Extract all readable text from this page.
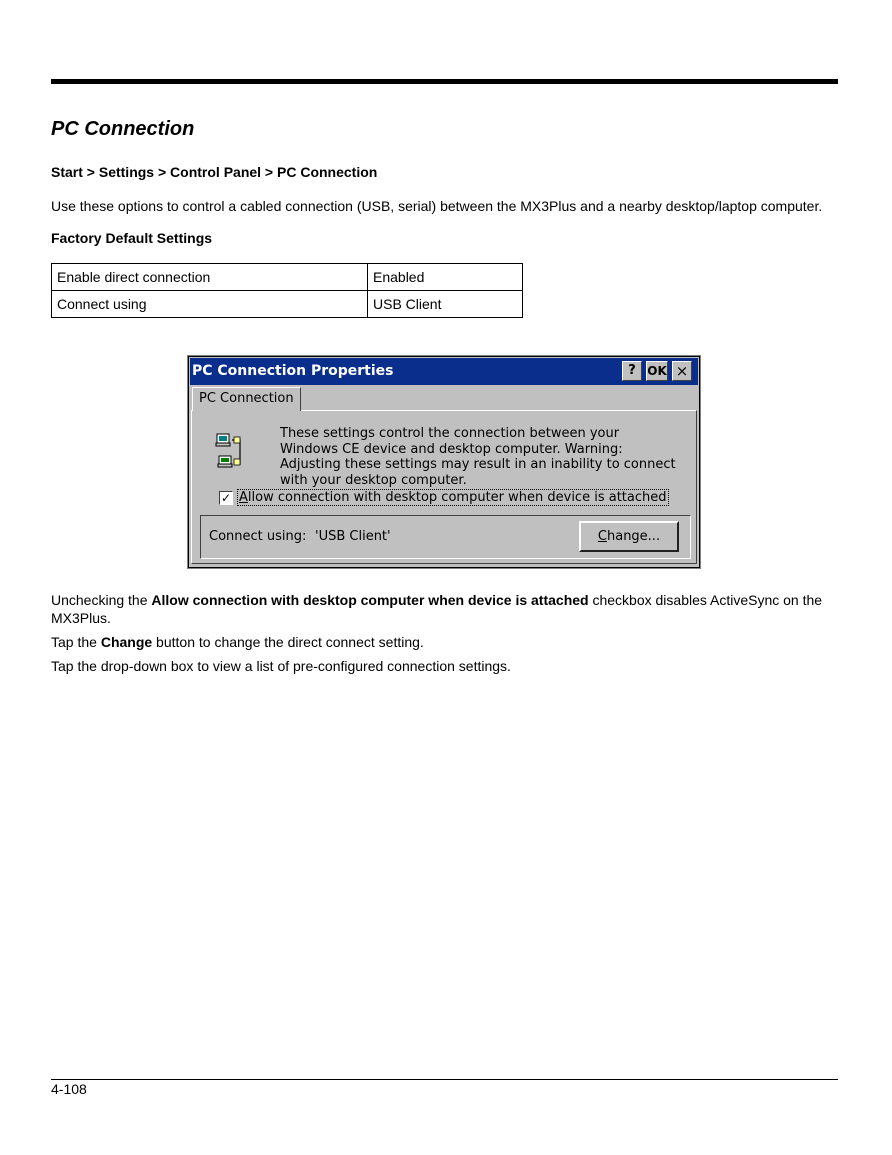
PC Connection
Start > Settings > Control Panel > PC Connection
Use these options to control a cabled connection (USB, serial) between the MX3Plus and a nearby desktop/laptop computer.
Factory Default Settings
Enable direct connection	Enabled
Connect using	USB Client
PC Connection Properties	? OK ×
PC Connection
These settings control the connection between your Windows CE device and desktop computer. Warning: Adjusting these settings may result in an inability to connect with your desktop computer.
✓ Allow connection with desktop computer when device is attached
Connect using: 'USB Client'	Change...
Unchecking the Allow connection with desktop computer when device is attached checkbox disables ActiveSync on the MX3Plus.
Tap the Change button to change the direct connect setting.
Tap the drop-down box to view a list of pre-configured connection settings.
4-108
